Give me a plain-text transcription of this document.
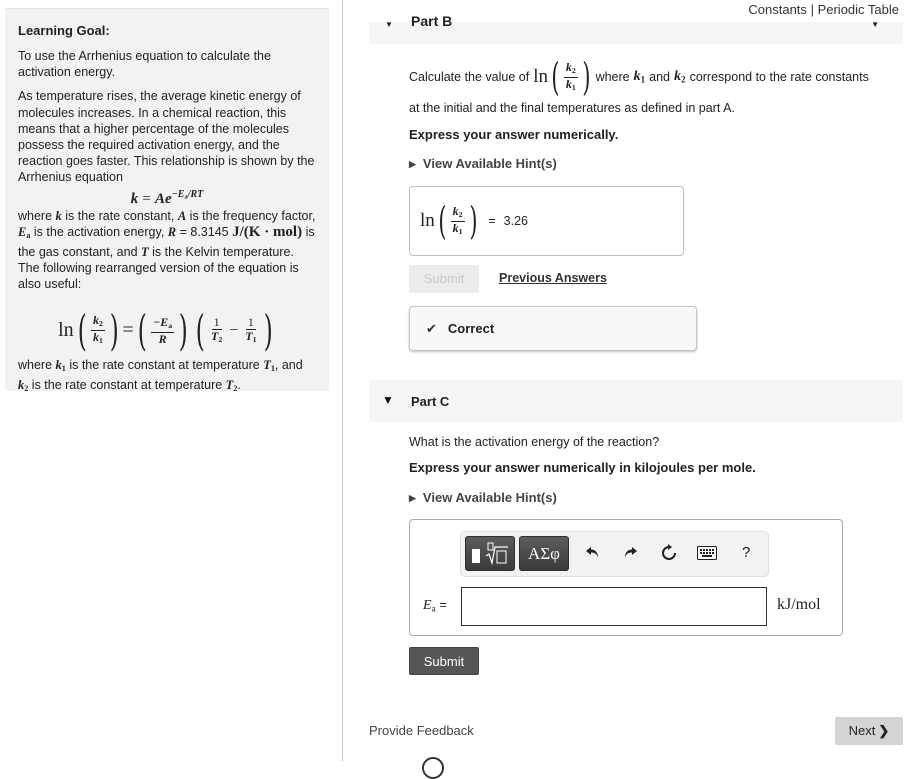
Learning Goal:

To use the Arrhenius equation to calculate the activation energy.

As temperature rises, the average kinetic energy of molecules increases. In a chemical reaction, this means that a higher percentage of the molecules possess the required activation energy, and the reaction goes faster. This relationship is shown by the Arrhenius equation

$k = Ae^{-E_a/RT}$

where k is the rate constant, A is the frequency factor, $E_a$ is the activation energy, R = 8.3145 J/(K · mol) is the gas constant, and T is the Kelvin temperature. The following rearranged version of the equation is also useful:

ln ( $\frac{k_2}{k_1}$ ) = ( $\frac{-E_a}{R}$ ) ( $\frac{1}{T_2} - \frac{1}{T_1}$ )

where $k_1$ is the rate constant at temperature $T_1$, and $k_2$ is the rate constant at temperature $T_2$.

Constants | Periodic Table
▼ Part B	▼
Calculate the value of ln ( $\frac{k_2}{k_1}$ ) where $k_1$ and $k_2$ correspond to the rate constants
at the initial and the final temperatures as defined in part A.
Express your answer numerically.
▶ View Available Hint(s)
ln ( $\frac{k_2}{k_1}$ ) = 3.26
Submit	Previous Answers
✔ Correct
▼ Part C
What is the activation energy of the reaction?
Express your answer numerically in kilojoules per mole.
▶ View Available Hint(s)
ΑΣφ	?
$E_a$ =	kJ/mol
Submit
Provide Feedback	Next ❯
